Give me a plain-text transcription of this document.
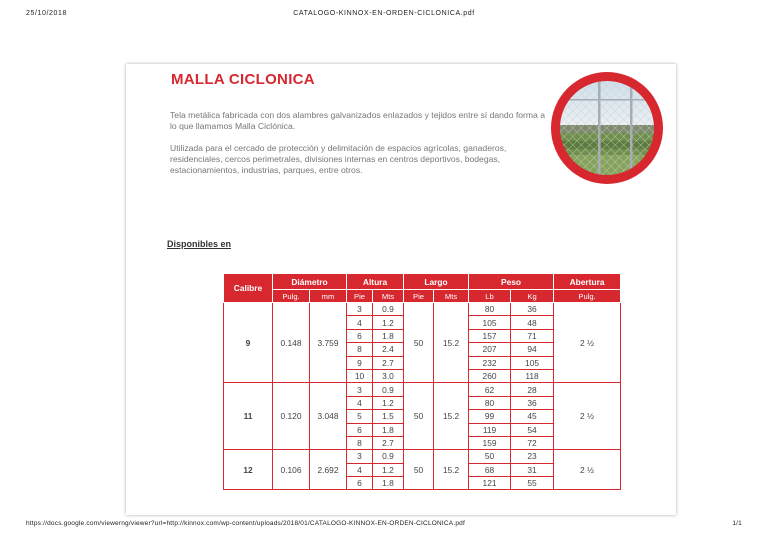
25/10/2018	CATALOGO-KINNOX-EN-ORDEN-CICLONICA.pdf
MALLA CICLONICA
Tela metálica fabricada con dos alambres galvanizados enlazados y tejidos entre sí dando forma a lo que llamamos Malla Ciclónica.
Utilizada para el cercado de protección y delimitación de espacios agrícolas, ganaderos, residenciales, cercos perimetrales, divisiones internas en centros deportivos, bodegas, estacionamientos, industrias, parques, entre otros.
Disponibles en
Calibre	Diámetro		Altura		Largo		Peso		Abertura
	Pulg.	mm	Pie	Mts	Pie	Mts	Lb	Kg	Pulg.
9	0.148	3.759	3	0.9	50	15.2	80	36	2 ½
			4	1.2			105	48	
			6	1.8			157	71	
			8	2.4			207	94	
			9	2.7			232	105	
			10	3.0			260	118	
11	0.120	3.048	3	0.9	50	15.2	62	28	2 ½
			4	1.2			80	36	
			5	1.5			99	45	
			6	1.8			119	54	
			8	2.7			159	72	
12	0.106	2.692	3	0.9	50	15.2	50	23	2 ½
			4	1.2			68	31	
			6	1.8			121	55	
https://docs.google.com/viewerng/viewer?url=http://kinnox.com/wp-content/uploads/2018/01/CATALOGO-KINNOX-EN-ORDEN-CICLONICA.pdf	1/1
